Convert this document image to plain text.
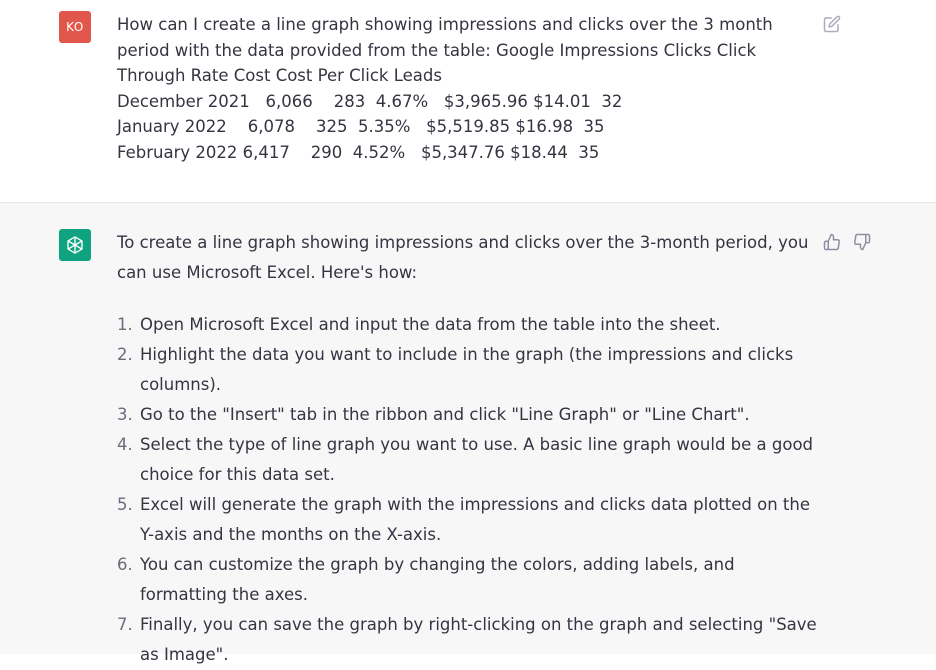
KO How can I create a line graph showing impressions and clicks over the 3 month period with the data provided from the table: Google Impressions Clicks Click Through Rate Cost Cost Per Click Leads
December 2021   6,066    283  4.67%   $3,965.96 $14.01  32
January 2022    6,078    325  5.35%   $5,519.85 $16.98  35
February 2022 6,417    290  4.52%   $5,347.76 $18.44  35

To create a line graph showing impressions and clicks over the 3-month period, you can use Microsoft Excel. Here's how:

1. Open Microsoft Excel and input the data from the table into the sheet.
2. Highlight the data you want to include in the graph (the impressions and clicks columns).
3. Go to the "Insert" tab in the ribbon and click "Line Graph" or "Line Chart".
4. Select the type of line graph you want to use. A basic line graph would be a good choice for this data set.
5. Excel will generate the graph with the impressions and clicks data plotted on the Y-axis and the months on the X-axis.
6. You can customize the graph by changing the colors, adding labels, and formatting the axes.
7. Finally, you can save the graph by right-clicking on the graph and selecting "Save as Image".
